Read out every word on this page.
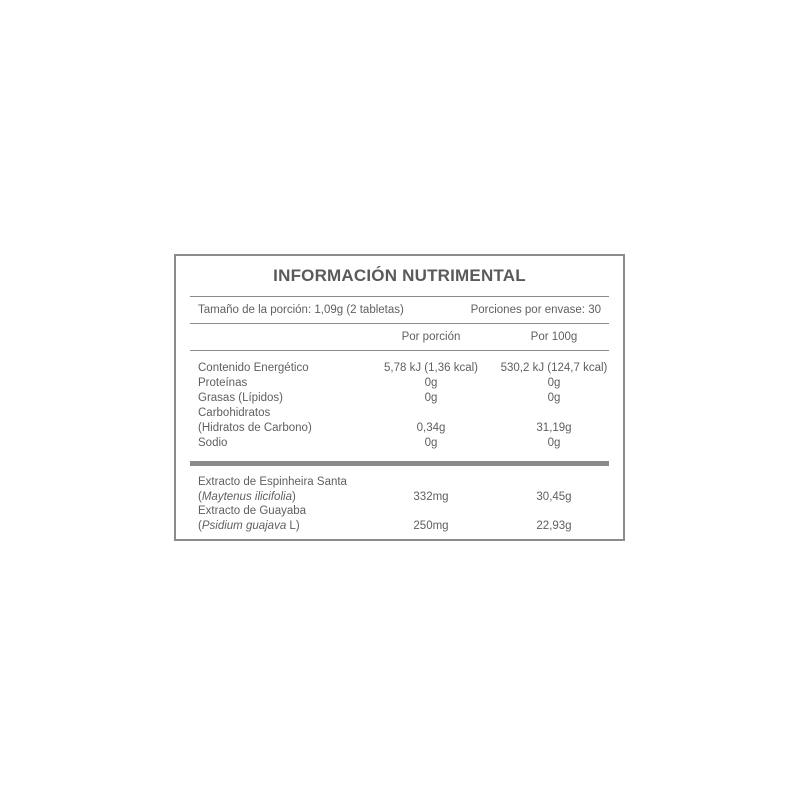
INFORMACIÓN NUTRIMENTAL
Tamaño de la porción: 1,09g (2 tabletas)	Porciones por envase: 30
Por porción	Por 100g
Contenido Energético	5,78 kJ (1,36 kcal)	530,2 kJ (124,7 kcal)
Proteínas	0g	0g
Grasas (Lípidos)	0g	0g
Carbohidratos
(Hidratos de Carbono)	0,34g	31,19g
Sodio	0g	0g
Extracto de Espinheira Santa
(Maytenus ilicifolia)	332mg	30,45g
Extracto de Guayaba
(Psidium guajava L)	250mg	22,93g
